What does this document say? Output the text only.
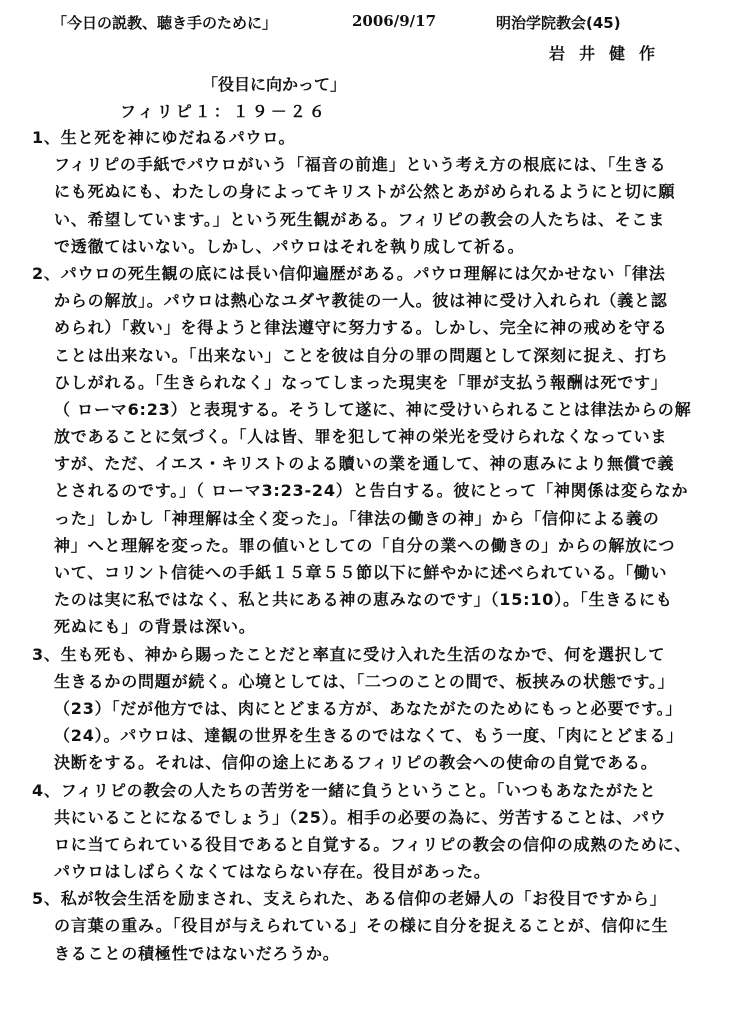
「今日の説教、聴き手のために」	2006/9/17	明治学院教会(45)
岩井健作
「役目に向かって」
フィリピ１：１９－２６
1、生と死を神にゆだねるパウロ。
フィリピの手紙でパウロがいう「福音の前進」という考え方の根底には、「生きる
にも死ぬにも、わたしの身によってキリストが公然とあがめられるようにと切に願
い、希望しています。」という死生観がある。フィリピの教会の人たちは、そこま
で透徹てはいない。しかし、パウロはそれを執り成して祈る。
2、パウロの死生観の底には長い信仰遍歴がある。パウロ理解には欠かせない「律法
からの解放」。パウロは熱心なユダヤ教徒の一人。彼は神に受け入れられ（義と認
められ）「救い」を得ようと律法遵守に努力する。しかし、完全に神の戒めを守る
ことは出来ない。「出来ない」ことを彼は自分の罪の問題として深刻に捉え、打ち
ひしがれる。「生きられなく」なってしまった現実を「罪が支払う報酬は死です」
（ ローマ6:23）と表現する。そうして遂に、神に受けいられることは律法からの解
放であることに気づく。「人は皆、罪を犯して神の栄光を受けられなくなっていま
すが、ただ、イエス・キリストのよる贖いの業を通して、神の恵みにより無償で義
とされるのです。」（ ローマ3:23-24）と告白する。彼にとって「神関係は変らなか
った」しかし「神理解は全く変った」。「律法の働きの神」から「信仰による義の
神」へと理解を変った。罪の値いとしての「自分の業への働きの」からの解放につ
いて、コリント信徒への手紙１５章５５節以下に鮮やかに述べられている。「働い
たのは実に私ではなく、私と共にある神の恵みなのです」（15:10）。「生きるにも
死ぬにも」の背景は深い。
3、生も死も、神から賜ったことだと率直に受け入れた生活のなかで、何を選択して
生きるかの問題が続く。心境としては、「二つのことの間で、板挟みの状態です。」
（23）「だが他方では、肉にとどまる方が、あなたがたのためにもっと必要です。」
（24）。パウロは、達観の世界を生きるのではなくて、もう一度、「肉にとどまる」
決断をする。それは、信仰の途上にあるフィリピの教会への使命の自覚である。
4、フィリピの教会の人たちの苦労を一緒に負うということ。「いつもあなたがたと
共にいることになるでしょう」（25）。相手の必要の為に、労苦することは、パウ
ロに当てられている役目であると自覚する。フィリピの教会の信仰の成熟のために、
パウロはしばらくなくてはならない存在。役目があった。
5、私が牧会生活を励まされ、支えられた、ある信仰の老婦人の「お役目ですから」
の言葉の重み。「役目が与えられている」その様に自分を捉えることが、信仰に生
きることの積極性ではないだろうか。
